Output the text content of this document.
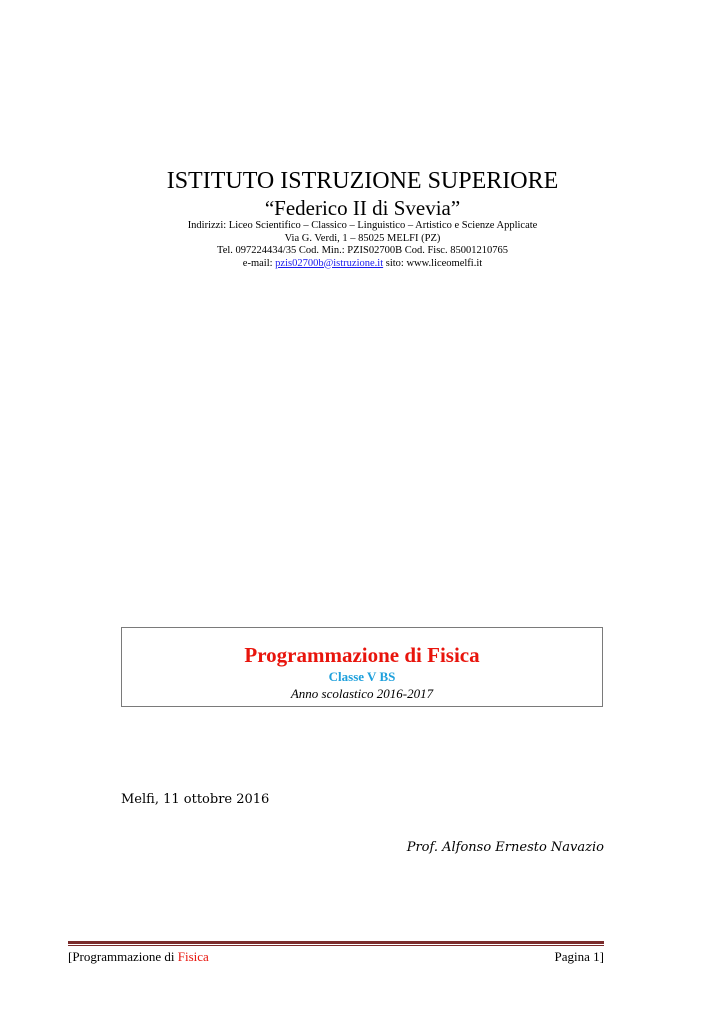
ISTITUTO ISTRUZIONE SUPERIORE
“Federico II di Svevia”
Indirizzi: Liceo Scientifico – Classico – Linguistico – Artistico e Scienze Applicate
Via G. Verdi, 1 – 85025 MELFI (PZ)
Tel. 097224434/35 Cod. Min.: PZIS02700B Cod. Fisc. 85001210765
e-mail: pzis02700b@istruzione.it sito: www.liceomelfi.it
Programmazione di Fisica
Classe V BS
Anno scolastico 2016-2017
Melfi, 11 ottobre 2016
Prof. Alfonso Ernesto Navazio
[Programmazione di Fisica	Pagina 1]
